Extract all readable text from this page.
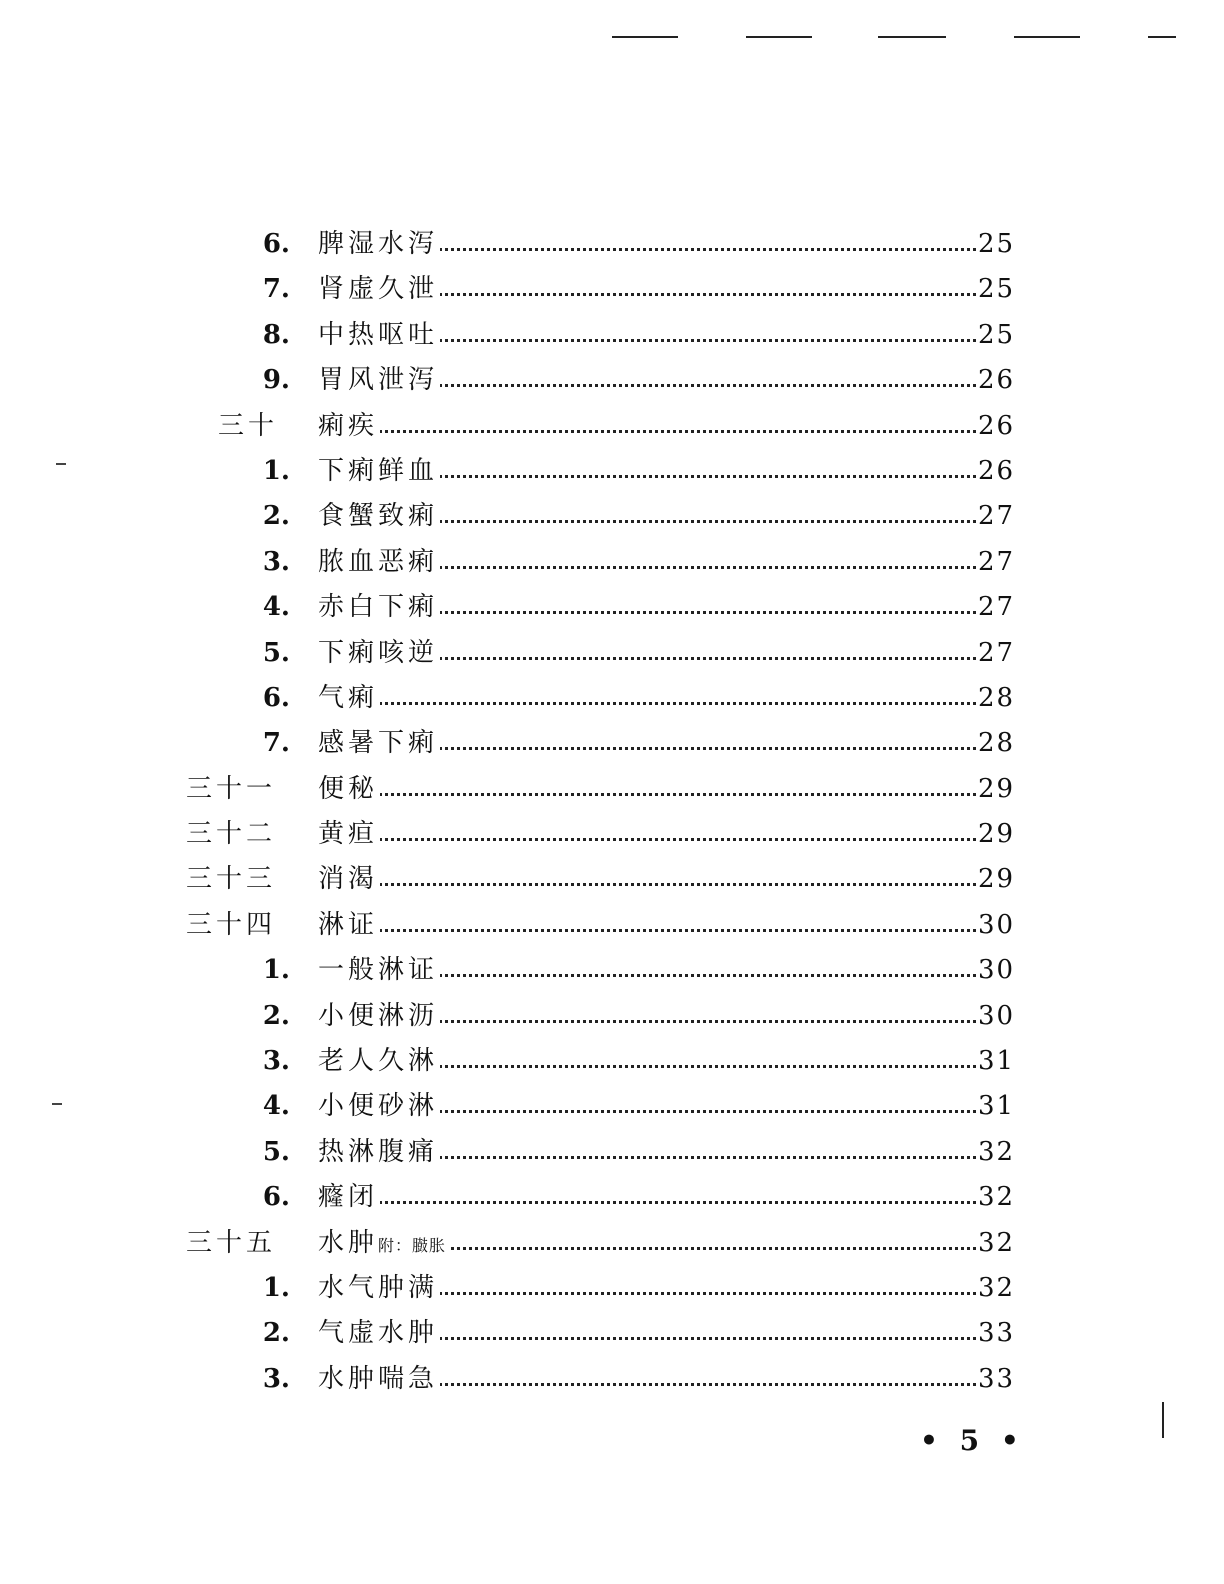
6. 脾湿水泻	25
7. 肾虚久泄	25
8. 中热呕吐	25
9. 胃风泄泻	26
三十 痢疾	26
1. 下痢鲜血	26
2. 食蟹致痢	27
3. 脓血恶痢	27
4. 赤白下痢	27
5. 下痢咳逆	27
6. 气痢	28
7. 感暑下痢	28
三十一 便秘	29
三十二 黄疸	29
三十三 消渴	29
三十四 淋证	30
1. 一般淋证	30
2. 小便淋沥	30
3. 老人久淋	31
4. 小便砂淋	31
5. 热淋腹痛	32
6. 癃闭	32
三十五 水肿附：臌胀	32
1. 水气肿满	32
2. 气虚水肿	33
3. 水肿喘急	33
• 5 •
